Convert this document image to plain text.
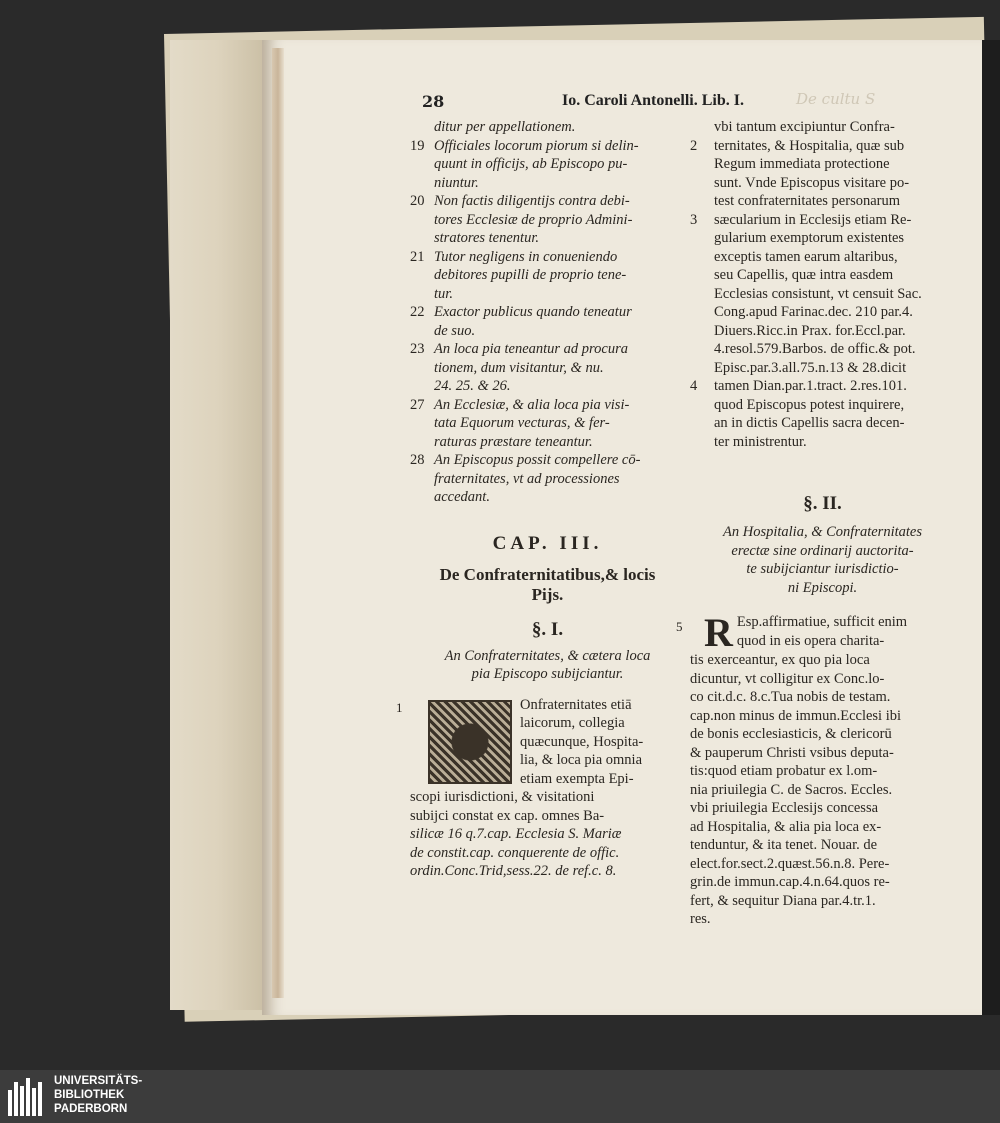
De cultu S
28	Io. Caroli Antonelli. Lib. I.
ditur per appellationem.
19 Officiales locorum piorum si delin-
quunt in officijs, ab Episcopo pu-
niuntur.
20 Non factis diligentijs contra debi-
tores Ecclesiæ de proprio Admini-
stratores tenentur.
21 Tutor negligens in conueniendo
debitores pupilli de proprio tene-
tur.
22 Exactor publicus quando teneatur
de suo.
23 An loca pia teneantur ad procura
tionem, dum visitantur, & nu.
24. 25. & 26.
27 An Ecclesiæ, & alia loca pia visi-
tata Equorum vecturas, & fer-
raturas præstare teneantur.
28 An Episcopus possit compellere cō-
fraternitates, vt ad processiones
accedant.
CAP. III.
De Confraternitatibus,& locis
Pijs.
§. I.
An Confraternitates, & cætera loca
pia Episcopo subijciantur.
1	Onfraternitates etiā
laicorum, collegia
quæcunque, Hospita-
lia, & loca pia omnia
etiam exempta Epi-
scopi iurisdictioni, & visitationi
subijci constat ex cap. omnes Ba-
silicæ 16 q.7.cap. Ecclesia S. Mariæ
de constit.cap. conquerente de offic.
ordin.Conc.Trid,sess.22. de ref.c. 8.
vbi tantum excipiuntur Confra-
2 ternitates, & Hospitalia, quæ sub
Regum immediata protectione
sunt. Vnde Episcopus visitare po-
test confraternitates personarum
3 sæcularium in Ecclesijs etiam Re-
gularium exemptorum existentes
exceptis tamen earum altaribus,
seu Capellis, quæ intra easdem
Ecclesias consistunt, vt censuit Sac.
Cong.apud Farinac.dec. 210 par.4.
Diuers.Ricc.in Prax. for.Eccl.par.
4.resol.579.Barbos. de offic.& pot.
Episc.par.3.all.75.n.13 & 28.dicit
4 tamen Dian.par.1.tract. 2.res.101.
quod Episcopus potest inquirere,
an in dictis Capellis sacra decen-
ter ministrentur.
§. II.
An Hospitalia, & Confraternitates
erectæ sine ordinarij auctorita-
te subijciantur iurisdictio-
ni Episcopi.
5 R Esp.affirmatiue, sufficit enim
quod in eis opera charita-
tis exerceantur, ex quo pia loca
dicuntur, vt colligitur ex Conc.lo-
co cit.d.c. 8.c.Tua nobis de testam.
cap.non minus de immun.Ecclesi ibi
de bonis ecclesiasticis, & clericorū
& pauperum Christi vsibus deputa-
tis:quod etiam probatur ex l.om-
nia priuilegia C. de Sacros. Eccles.
vbi priuilegia Ecclesijs concessa
ad Hospitalia, & alia pia loca ex-
tenduntur, & ita tenet. Nouar. de
elect.for.sect.2.quæst.56.n.8. Pere-
grin.de immun.cap.4.n.64.quos re-
fert, & sequitur Diana par.4.tr.1.
res.
UNIVERSITÄTS-
BIBLIOTHEK
PADERBORN
